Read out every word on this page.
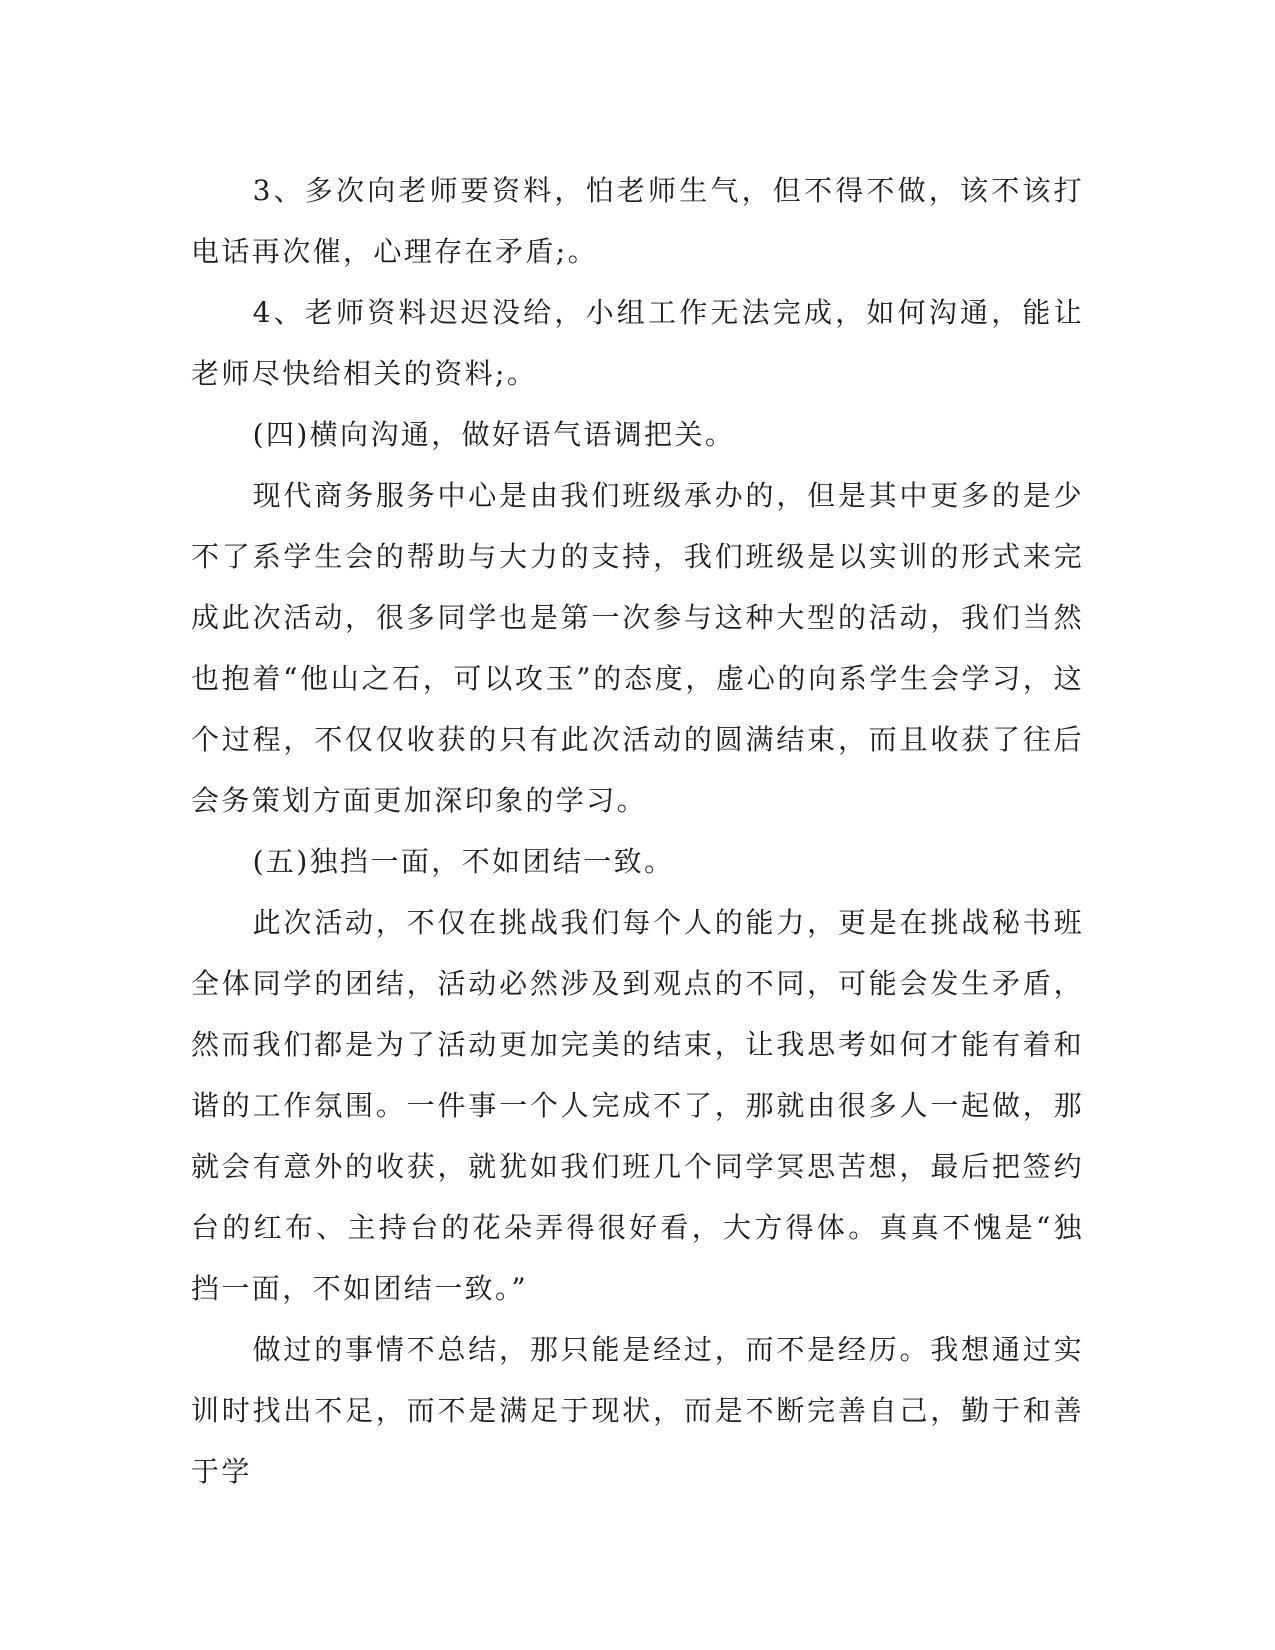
3、多次向老师要资料，怕老师生气，但不得不做，该不该打电话再次催，心理存在矛盾;。

4、老师资料迟迟没给，小组工作无法完成，如何沟通，能让老师尽快给相关的资料;。

(四)横向沟通，做好语气语调把关。

现代商务服务中心是由我们班级承办的，但是其中更多的是少不了系学生会的帮助与大力的支持，我们班级是以实训的形式来完成此次活动，很多同学也是第一次参与这种大型的活动，我们当然也抱着“他山之石，可以攻玉”的态度，虚心的向系学生会学习，这个过程，不仅仅收获的只有此次活动的圆满结束，而且收获了往后会务策划方面更加深印象的学习。

(五)独挡一面，不如团结一致。

此次活动，不仅在挑战我们每个人的能力，更是在挑战秘书班全体同学的团结，活动必然涉及到观点的不同，可能会发生矛盾，然而我们都是为了活动更加完美的结束，让我思考如何才能有着和谐的工作氛围。一件事一个人完成不了，那就由很多人一起做，那就会有意外的收获，就犹如我们班几个同学冥思苦想，最后把签约台的红布、主持台的花朵弄得很好看，大方得体。真真不愧是“独挡一面，不如团结一致。”

做过的事情不总结，那只能是经过，而不是经历。我想通过实训时找出不足，而不是满足于现状，而是不断完善自己，勤于和善于学
